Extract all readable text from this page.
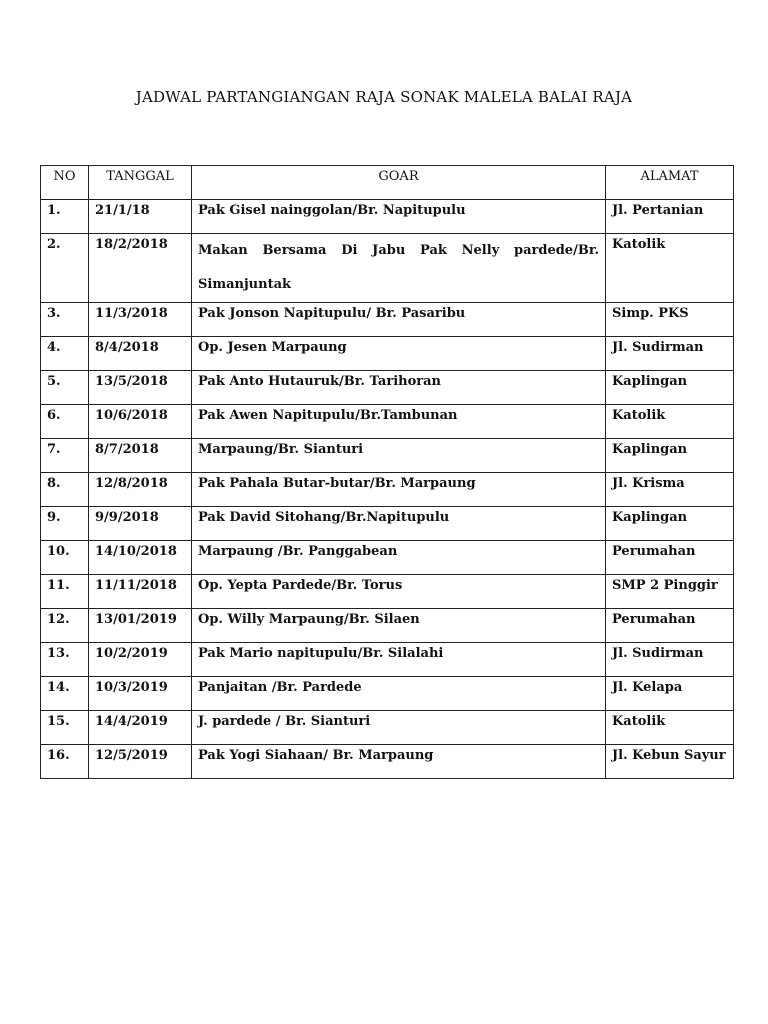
JADWAL PARTANGIANGAN RAJA SONAK MALELA BALAI RAJA
NO	TANGGAL	GOAR	ALAMAT
1.	21/1/18	Pak Gisel nainggolan/Br. Napitupulu	Jl. Pertanian
2.	18/2/2018	Makan Bersama Di Jabu Pak Nelly pardede/Br. Simanjuntak	Katolik
3.	11/3/2018	Pak Jonson Napitupulu/ Br. Pasaribu	Simp. PKS
4.	8/4/2018	Op. Jesen Marpaung	Jl. Sudirman
5.	13/5/2018	Pak Anto Hutauruk/Br. Tarihoran	Kaplingan
6.	10/6/2018	Pak Awen Napitupulu/Br.Tambunan	Katolik
7.	8/7/2018	Marpaung/Br. Sianturi	Kaplingan
8.	12/8/2018	Pak Pahala Butar-butar/Br. Marpaung	Jl. Krisma
9.	9/9/2018	Pak David Sitohang/Br.Napitupulu	Kaplingan
10.	14/10/2018	Marpaung /Br. Panggabean	Perumahan
11.	11/11/2018	Op. Yepta Pardede/Br. Torus	SMP 2 Pinggir
12.	13/01/2019	Op. Willy Marpaung/Br. Silaen	Perumahan
13.	10/2/2019	Pak Mario napitupulu/Br. Silalahi	Jl. Sudirman
14.	10/3/2019	Panjaitan /Br. Pardede	Jl. Kelapa
15.	14/4/2019	J. pardede / Br. Sianturi	Katolik
16.	12/5/2019	Pak Yogi Siahaan/ Br. Marpaung	Jl. Kebun Sayur
